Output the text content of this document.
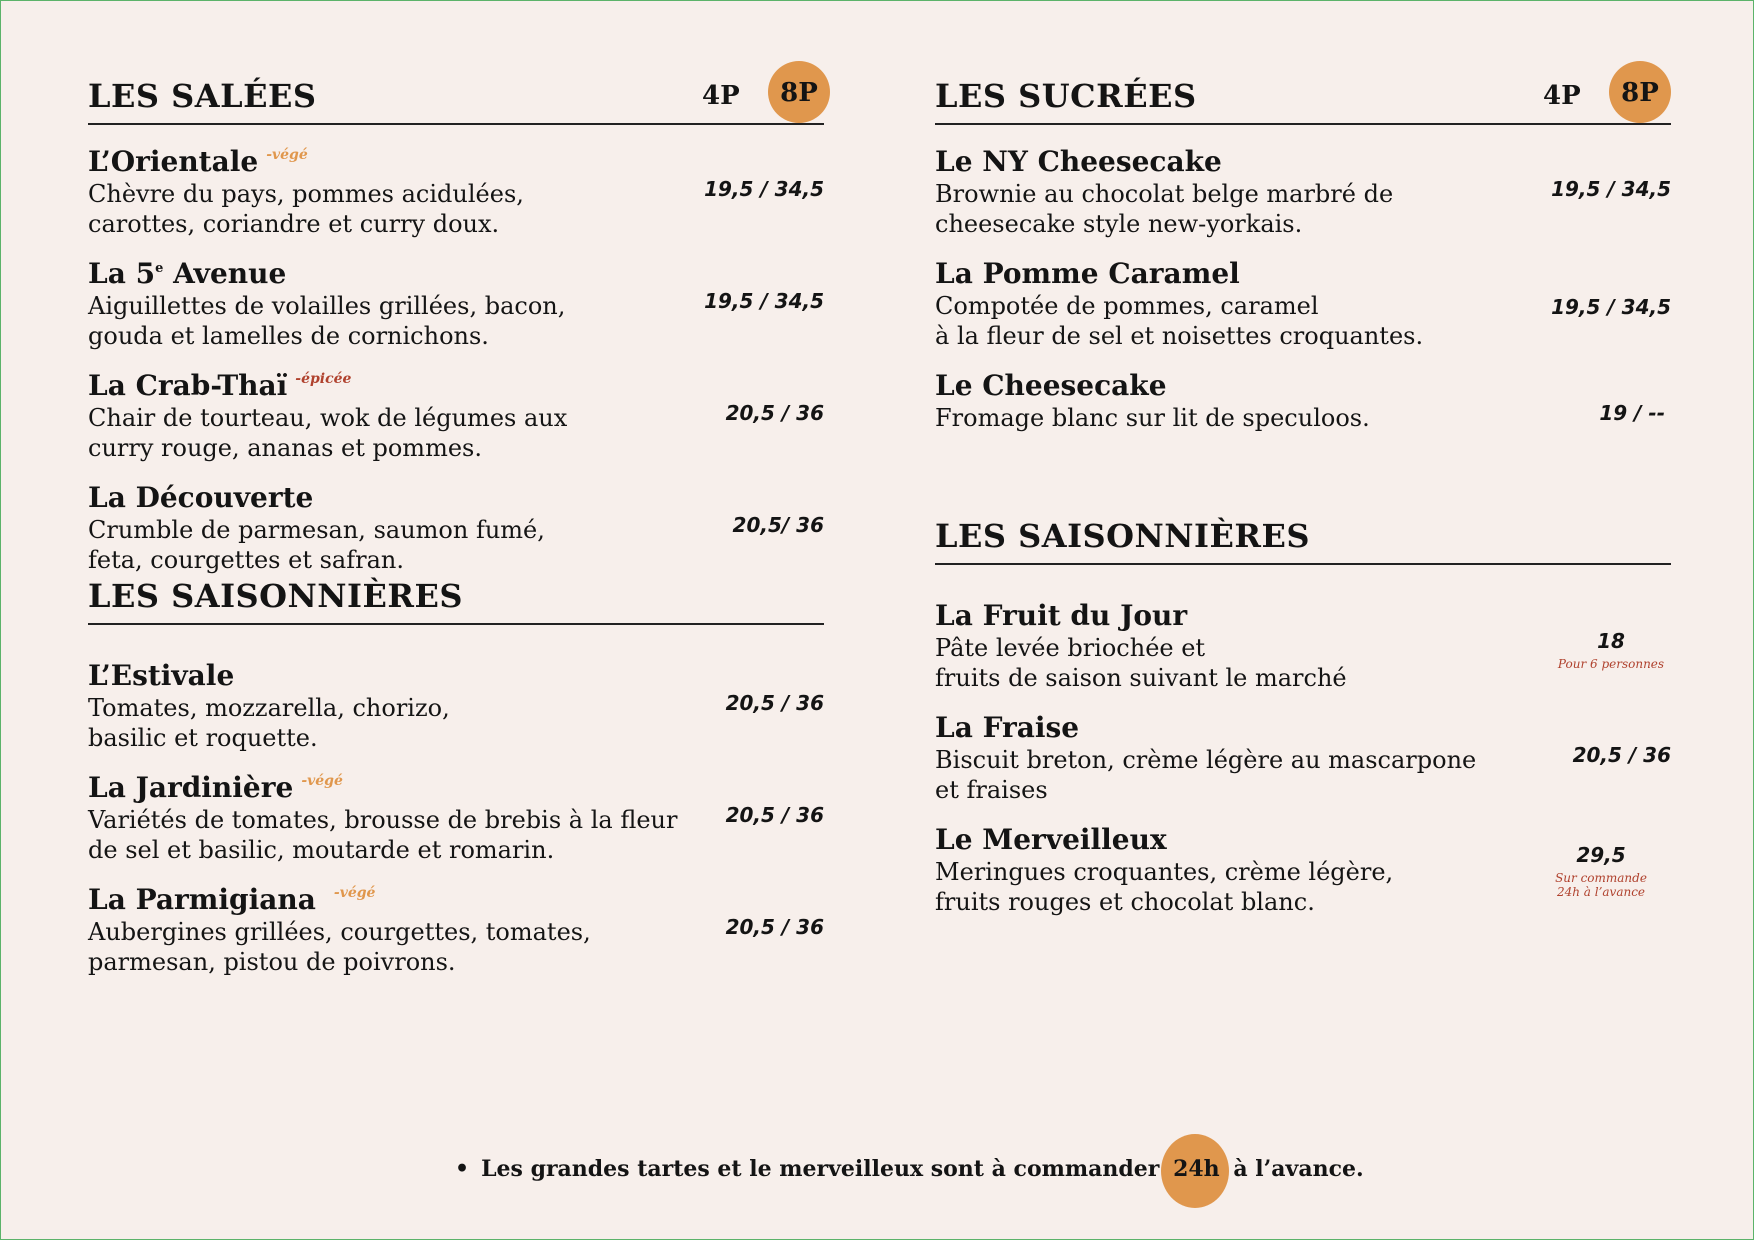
LES SALÉES	4P	8P
L’Orientale $^{-végé}$
Chèvre du pays, pommes acidulées,
carottes, coriandre et curry doux.
19,5 / 34,5
La 5e Avenue
Aiguillettes de volailles grillées, bacon,
gouda et lamelles de cornichons.
19,5 / 34,5
La Crab-Thaï $^{-épicée}$
Chair de tourteau, wok de légumes aux
curry rouge, ananas et pommes.
20,5 / 36
La Découverte
Crumble de parmesan, saumon fumé,
feta, courgettes et safran.
20,5/ 36
LES SAISONNIÈRES
L’Estivale
Tomates, mozzarella, chorizo,
basilic et roquette.
20,5 / 36
La Jardinière $^{-végé}$
Variétés de tomates, brousse de brebis à la fleur
de sel et basilic, moutarde et romarin.
20,5 / 36
La Parmigiana $^{-végé}$
Aubergines grillées, courgettes, tomates,
parmesan, pistou de poivrons.
20,5 / 36
LES SUCRÉES	4P	8P
Le NY Cheesecake
Brownie au chocolat belge marbré de
cheesecake style new-yorkais.
19,5 / 34,5
La Pomme Caramel
Compotée de pommes, caramel
à la fleur de sel et noisettes croquantes.
19,5 / 34,5
Le Cheesecake
Fromage blanc sur lit de speculoos.	19 / --
LES SAISONNIÈRES
La Fruit du Jour
Pâte levée briochée et
fruits de saison suivant le marché
18
Pour 6 personnes
La Fraise
Biscuit breton, crème légère au mascarpone
et fraises
20,5 / 36
Le Merveilleux
Meringues croquantes, crème légère,
fruits rouges et chocolat blanc.
29,5
Sur commande
24h à l’avance
• Les grandes tartes et le merveilleux sont à commander 24h à l’avance.
